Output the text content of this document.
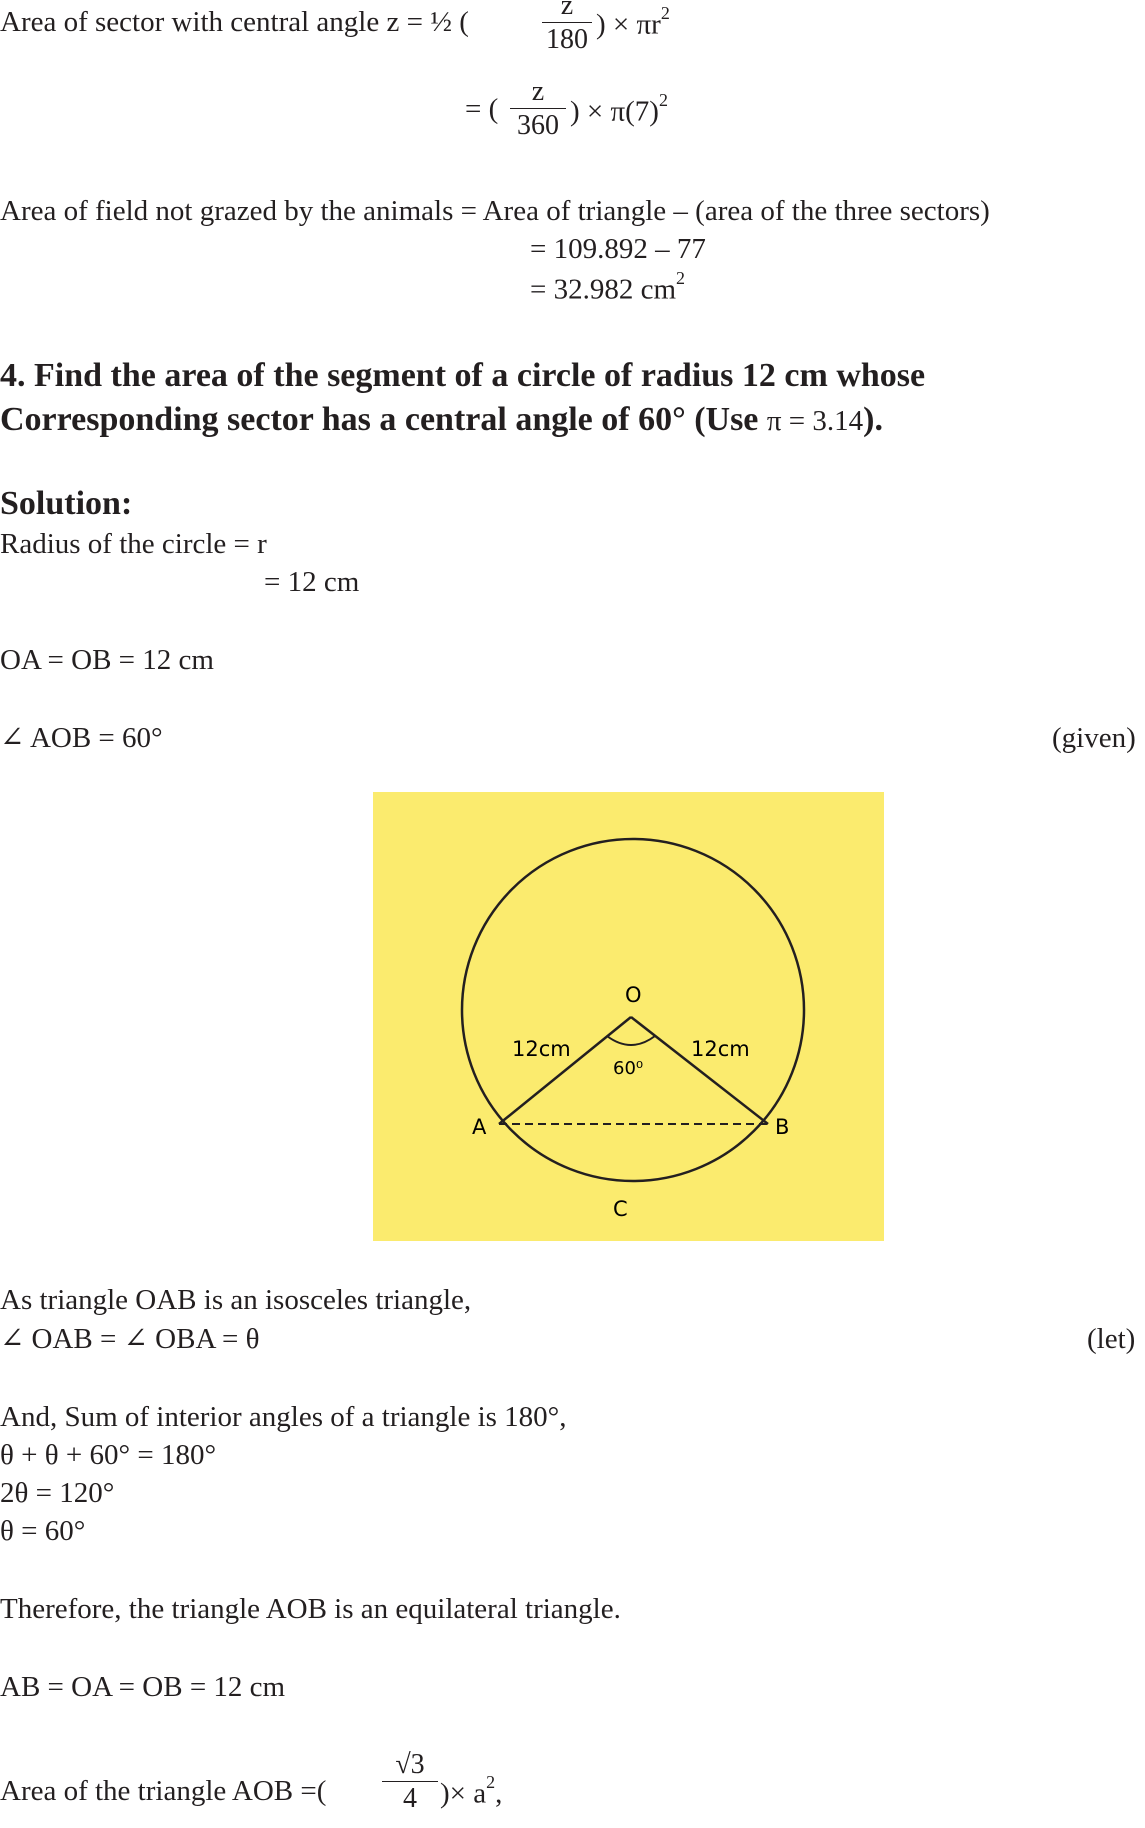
Area of sector with central angle z = ½ (
z
180 ) × $\pi r^2$
= (
z
360 ) × $\pi(7)^2$
Area of field not grazed by the animals = Area of triangle – (area of the three sectors)
= 109.892 – 77
= 32.982 $cm^2$
4. Find the area of the segment of a circle of radius 12 cm whose
Corresponding sector has a central angle of 60° (Use π = 3.14).
Solution:
Radius of the circle = r
= 12 cm
OA = OB = 12 cm
∠ AOB = 60°	(given)
O
12cm	12cm
60⁰
A	B
C
As triangle OAB is an isosceles triangle,
∠ OAB = ∠ OBA = θ	(let)
And, Sum of interior angles of a triangle is 180°,
θ + θ + 60° = 180°
2θ = 120°
θ = 60°
Therefore, the triangle AOB is an equilateral triangle.
AB = OA = OB = 12 cm
Area of the triangle AOB =(
√3
4 )× $a^2$,
